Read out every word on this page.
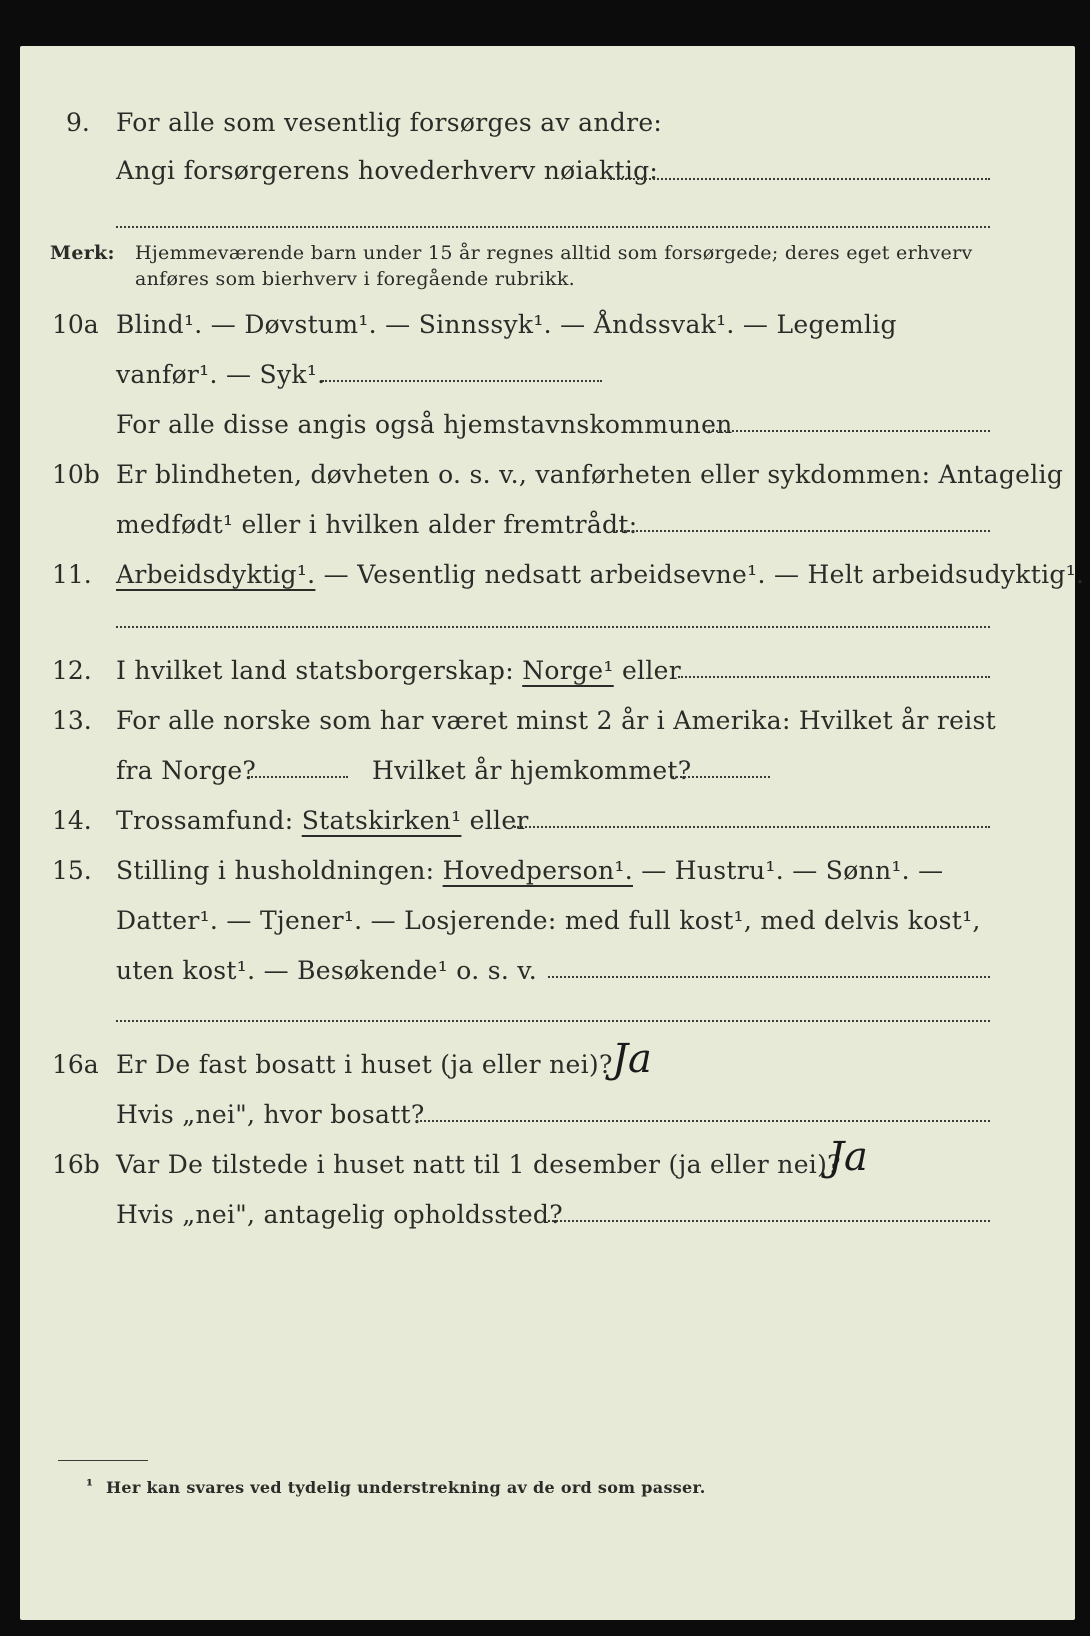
9. For alle som vesentlig forsørges av andre:
Angi forsørgerens hovederhverv nøiaktig:
Merk: Hjemmeværende barn under 15 år regnes alltid som forsørgede; deres eget erhverv
anføres som bierhverv i foregående rubrikk.
10a Blind¹. — Døvstum¹. — Sinnssyk¹. — Åndssvak¹. — Legemlig
vanfør¹. — Syk¹.
For alle disse angis også hjemstavnskommunen
10b Er blindheten, døvheten o. s. v., vanførheten eller sykdommen: Antagelig
medfødt¹ eller i hvilken alder fremtrådt:
11. Arbeidsdyktig¹. — Vesentlig nedsatt arbeidsevne¹. — Helt arbeidsudyktig¹.
12. I hvilket land statsborgerskap: Norge¹ eller
13. For alle norske som har været minst 2 år i Amerika: Hvilket år reist
fra Norge?	Hvilket år hjemkommet?
14. Trossamfund: Statskirken¹ eller
15. Stilling i husholdningen: Hovedperson¹. — Hustru¹. — Sønn¹. —
Datter¹. — Tjener¹. — Losjerende: med full kost¹, med delvis kost¹,
uten kost¹. — Besøkende¹ o. s. v.
16a Er De fast bosatt i huset (ja eller nei)? Ja
Hvis „nei", hvor bosatt?
16b Var De tilstede i huset natt til 1 desember (ja eller nei)?
Ja
Hvis „nei", antagelig opholdssted?
¹ Her kan svares ved tydelig understrekning av de ord som passer.
